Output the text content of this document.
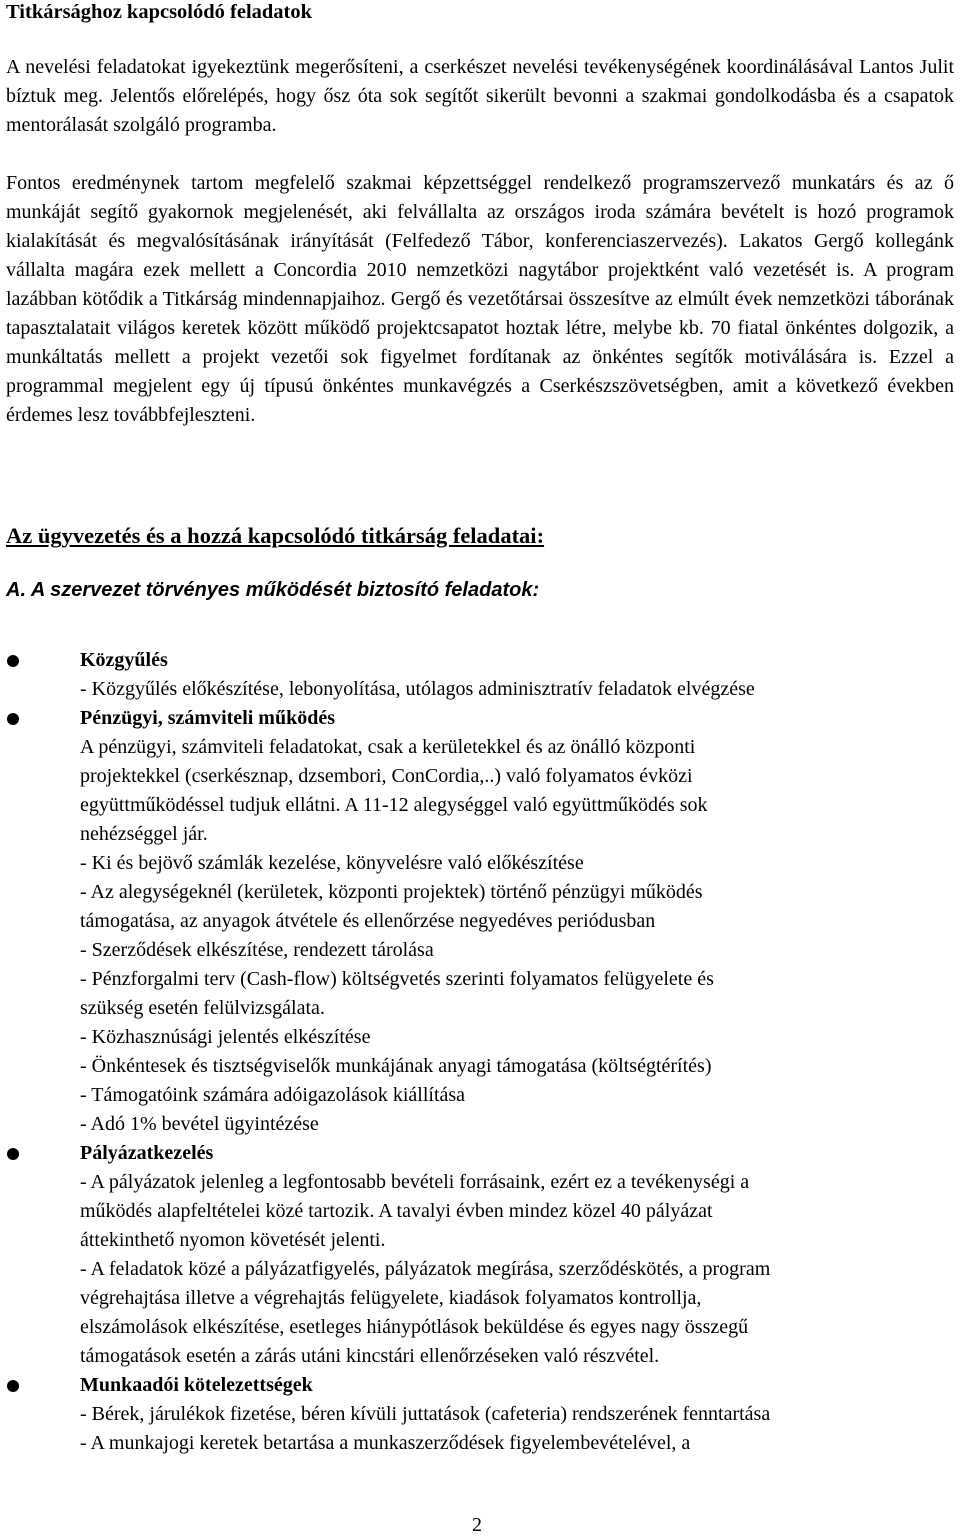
Titkársághoz kapcsolódó feladatok
A nevelési feladatokat igyekeztünk megerősíteni, a cserkészet nevelési tevékenységének koordinálásával Lantos Julit bíztuk meg. Jelentős előrelépés, hogy ősz óta sok segítőt sikerült bevonni a szakmai gondolkodásba és a csapatok mentorálasát szolgáló programba.
Fontos eredménynek tartom megfelelő szakmai képzettséggel rendelkező programszervező munkatárs és az ő munkáját segítő gyakornok megjelenését, aki felvállalta az országos iroda számára bevételt is hozó programok kialakítását és megvalósításának irányítását (Felfedező Tábor, konferenciaszervezés). Lakatos Gergő kollegánk vállalta magára ezek mellett a Concordia 2010 nemzetközi nagytábor projektként való vezetését is. A program lazábban kötődik a Titkárság mindennapjaihoz. Gergő és vezetőtársai összesítve az elmúlt évek nemzetközi táborának tapasztalatait világos keretek között működő projektcsapatot hoztak létre, melybe kb. 70 fiatal önkéntes dolgozik, a munkáltatás mellett a projekt vezetői sok figyelmet fordítanak az önkéntes segítők motiválására is. Ezzel a programmal megjelent egy új típusú önkéntes munkavégzés a Cserkészszövetségben, amit a következő években érdemes lesz továbbfejleszteni.
Az ügyvezetés és a hozzá kapcsolódó titkárság feladatai:
A. A szervezet törvényes működését biztosító feladatok:
Közgyűlés
- Közgyűlés előkészítése, lebonyolítása, utólagos adminisztratív feladatok elvégzése
Pénzügyi, számviteli működés
A pénzügyi, számviteli feladatokat, csak a kerületekkel és az önálló központi
projektekkel (cserkésznap, dzsembori, ConCordia,..) való folyamatos évközi
együttműködéssel tudjuk ellátni. A 11-12 alegységgel való együttműködés sok
nehézséggel jár.
- Ki és bejövő számlák kezelése, könyvelésre való előkészítése
- Az alegységeknél (kerületek, központi projektek) történő pénzügyi működés
támogatása, az anyagok átvétele és ellenőrzése negyedéves periódusban
- Szerződések elkészítése, rendezett tárolása
- Pénzforgalmi terv (Cash-flow) költségvetés szerinti folyamatos felügyelete és
szükség esetén felülvizsgálata.
- Közhasznúsági jelentés elkészítése
- Önkéntesek és tisztségviselők munkájának anyagi támogatása (költségtérítés)
- Támogatóink számára adóigazolások kiállítása
- Adó 1% bevétel ügyintézése
Pályázatkezelés
- A pályázatok jelenleg a legfontosabb bevételi forrásaink, ezért ez a tevékenységi a
működés alapfeltételei közé tartozik. A tavalyi évben mindez közel 40 pályázat
áttekinthető nyomon követését jelenti.
- A feladatok közé a pályázatfigyelés, pályázatok megírása, szerződéskötés, a program
végrehajtása illetve a végrehajtás felügyelete, kiadások folyamatos kontrollja,
elszámolások elkészítése, esetleges hiánypótlások beküldése és egyes nagy összegű
támogatások esetén a zárás utáni kincstári ellenőrzéseken való részvétel.
Munkaadói kötelezettségek
- Bérek, járulékok fizetése, béren kívüli juttatások (cafeteria) rendszerének fenntartása
- A munkajogi keretek betartása a munkaszerződések figyelembevételével, a
2
